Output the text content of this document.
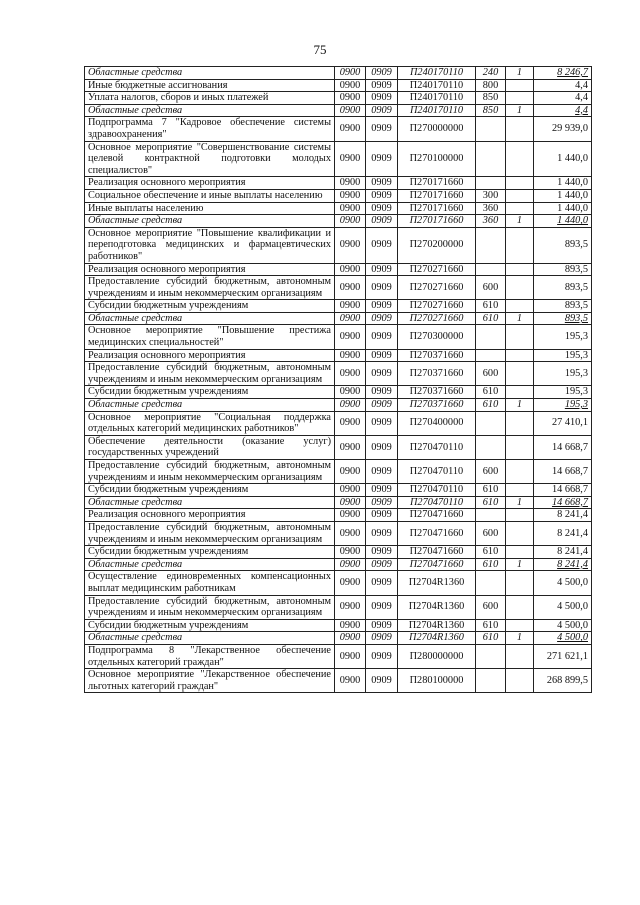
75
Областные средства	0900	0909	П240170110	240	1	8 246,7
Иные бюджетные ассигнования	0900	0909	П240170110	800		4,4
Уплата налогов, сборов и иных платежей	0900	0909	П240170110	850		4,4
Областные средства	0900	0909	П240170110	850	1	4,4
Подпрограмма 7 "Кадровое обеспечение системы здравоохранения"	0900	0909	П270000000			29 939,0
Основное мероприятие "Совершенствование системы целевой контрактной подготовки молодых специалистов"	0900	0909	П270100000			1 440,0
Реализация основного мероприятия	0900	0909	П270171660			1 440,0
Социальное обеспечение и иные выплаты населению	0900	0909	П270171660	300		1 440,0
Иные выплаты населению	0900	0909	П270171660	360		1 440,0
Областные средства	0900	0909	П270171660	360	1	1 440,0
Основное мероприятие "Повышение квалификации и переподготовка медицинских и фармацевтических работников"	0900	0909	П270200000			893,5
Реализация основного мероприятия	0900	0909	П270271660			893,5
Предоставление субсидий бюджетным, автономным учреждениям и иным некоммерческим организациям	0900	0909	П270271660	600		893,5
Субсидии бюджетным учреждениям	0900	0909	П270271660	610		893,5
Областные средства	0900	0909	П270271660	610	1	893,5
Основное мероприятие "Повышение престижа медицинских специальностей"	0900	0909	П270300000			195,3
Реализация основного мероприятия	0900	0909	П270371660			195,3
Предоставление субсидий бюджетным, автономным учреждениям и иным некоммерческим организациям	0900	0909	П270371660	600		195,3
Субсидии бюджетным учреждениям	0900	0909	П270371660	610		195,3
Областные средства	0900	0909	П270371660	610	1	195,3
Основное мероприятие "Социальная поддержка отдельных категорий медицинских работников"	0900	0909	П270400000			27 410,1
Обеспечение деятельности (оказание услуг) государственных учреждений	0900	0909	П270470110			14 668,7
Предоставление субсидий бюджетным, автономным учреждениям и иным некоммерческим организациям	0900	0909	П270470110	600		14 668,7
Субсидии бюджетным учреждениям	0900	0909	П270470110	610		14 668,7
Областные средства	0900	0909	П270470110	610	1	14 668,7
Реализация основного мероприятия	0900	0909	П270471660			8 241,4
Предоставление субсидий бюджетным, автономным учреждениям и иным некоммерческим организациям	0900	0909	П270471660	600		8 241,4
Субсидии бюджетным учреждениям	0900	0909	П270471660	610		8 241,4
Областные средства	0900	0909	П270471660	610	1	8 241,4
Осуществление единовременных компенсационных выплат медицинским работникам	0900	0909	П2704R1360			4 500,0
Предоставление субсидий бюджетным, автономным учреждениям и иным некоммерческим организациям	0900	0909	П2704R1360	600		4 500,0
Субсидии бюджетным учреждениям	0900	0909	П2704R1360	610		4 500,0
Областные средства	0900	0909	П2704R1360	610	1	4 500,0
Подпрограмма 8 "Лекарственное обеспечение отдельных категорий граждан"	0900	0909	П280000000			271 621,1
Основное мероприятие "Лекарственное обеспечение льготных категорий граждан"	0900	0909	П280100000			268 899,5
